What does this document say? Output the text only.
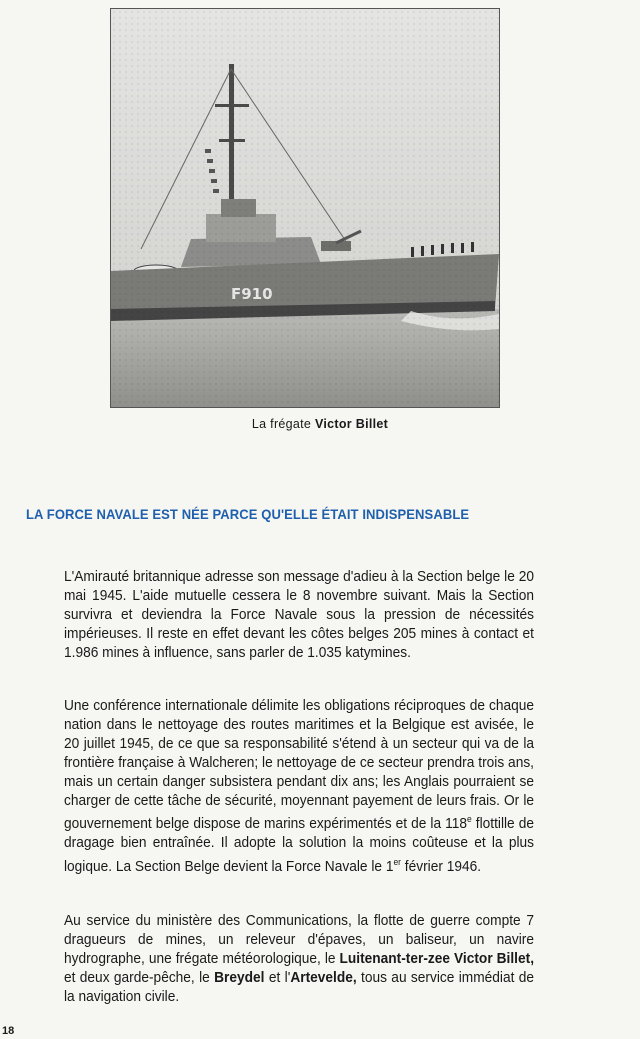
La frégate Victor Billet
LA FORCE NAVALE EST NÉE PARCE QU'ELLE ÉTAIT INDISPENSABLE

L'Amirauté britannique adresse son message d'adieu à la Section belge le 20 mai 1945. L'aide mutuelle cessera le 8 novembre suivant. Mais la Section survivra et deviendra la Force Navale sous la pression de nécessités impérieuses. Il reste en effet devant les côtes belges 205 mines à contact et 1.986 mines à influence, sans parler de 1.035 katymines.

Une conférence internationale délimite les obligations réciproques de chaque nation dans le nettoyage des routes maritimes et la Belgique est avisée, le 20 juillet 1945, de ce que sa responsabilité s'étend à un secteur qui va de la frontière française à Walcheren; le nettoyage de ce secteur prendra trois ans, mais un certain danger subsistera pendant dix ans; les Anglais pourraient se charger de cette tâche de sécurité, moyennant payement de leurs frais. Or le gouvernement belge dispose de marins expérimentés et de la 118e flottille de dragage bien entraînée. Il adopte la solution la moins coûteuse et la plus logique. La Section Belge devient la Force Navale le 1er février 1946.

Au service du ministère des Communications, la flotte de guerre compte 7 dragueurs de mines, un releveur d'épaves, un baliseur, un navire hydrographe, une frégate météorologique, le Luitenant-ter-zee Victor Billet, et deux garde-pêche, le Breydel et l'Artevelde, tous au service immédiat de la navigation civile.

18
